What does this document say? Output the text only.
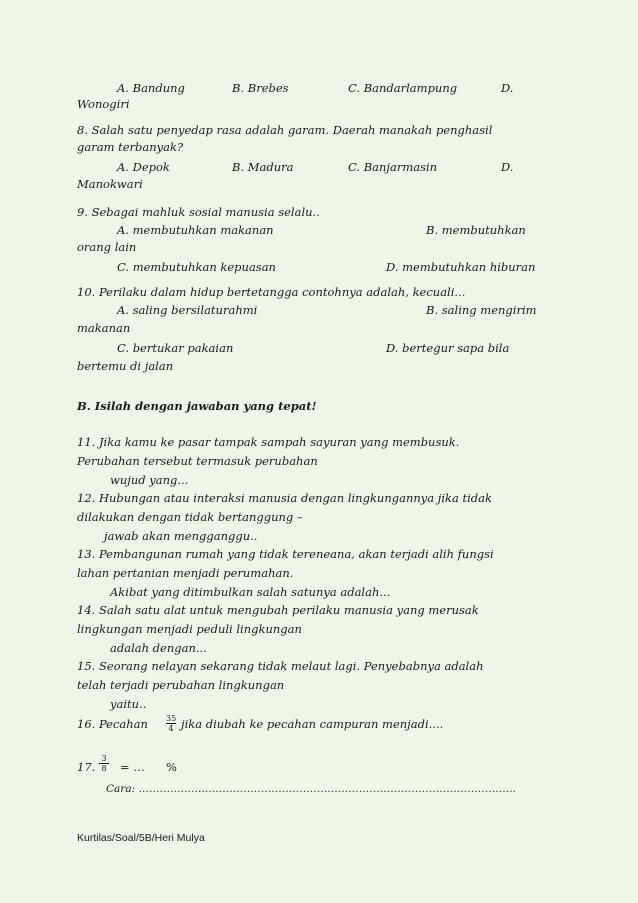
A. Bandung	B. Brebes	C. Bandarlampung	D.
Wonogiri
8. Salah satu penyedap rasa adalah garam. Daerah manakah penghasil
garam terbanyak?
A. Depok	B. Madura	C. Banjarmasin	D.
Manokwari
9. Sebagai mahluk sosial manusia selalu..
A. membutuhkan makanan	B. membutuhkan
orang lain
C. membutuhkan kepuasan	D. membutuhkan hiburan
10. Perilaku dalam hidup bertetangga contohnya adalah, kecuali...
A. saling bersilaturahmi	B. saling mengirim
makanan
C. bertukar pakaian	D. bertegur sapa bila
bertemu di jalan
B. Isilah dengan jawaban yang tepat!
11. Jika kamu ke pasar tampak sampah sayuran yang membusuk.
Perubahan tersebut termasuk perubahan
wujud yang...
12. Hubungan atau interaksi manusia dengan lingkungannya jika tidak
dilakukan dengan tidak bertanggung –
jawab akan mengganggu..
13. Pembangunan rumah yang tidak tereneana, akan terjadi alih fungsi
lahan pertanian menjadi perumahan.
Akibat yang ditimbulkan salah satunya adalah...
14. Salah satu alat untuk mengubah perilaku manusia yang merusak
lingkungan menjadi peduli lingkungan
adalah dengan...
15. Seorang nelayan sekarang tidak melaut lagi. Penyebabnya adalah
telah terjadi perubahan lingkungan
yaitu..
16. Pecahan $\frac{35}{4}$ jika diubah ke pecahan campuran menjadi....
17. $\frac{3}{8}$ = … %
Cara: ……………….……………………………………………………………………………..
Kurtilas/Soal/5B/Heri Mulya
